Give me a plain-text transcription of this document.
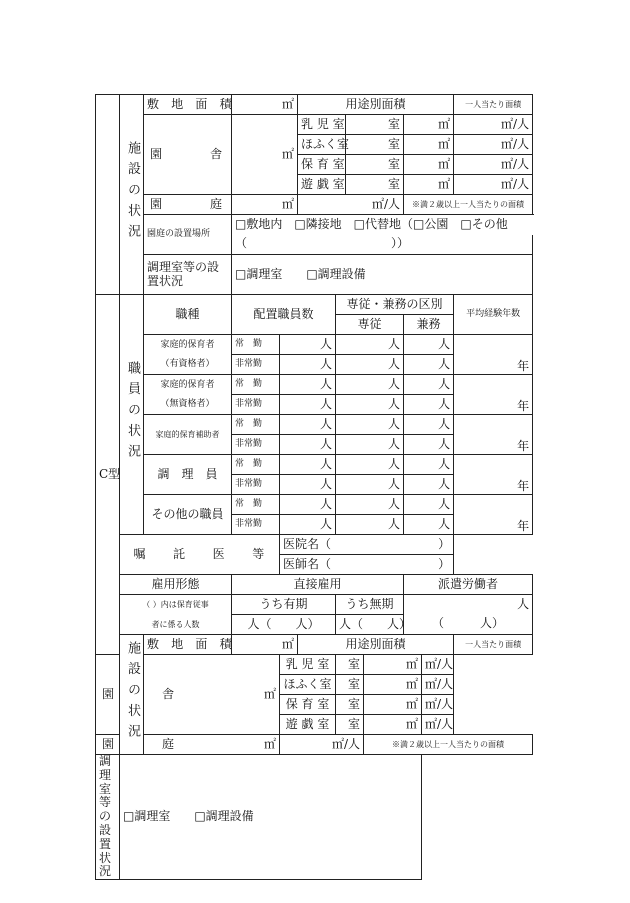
	施設の状況	敷 地 面 積	㎡		用途別面積						一人当たり面積
		園　　　　舎	㎡		乳 児 室		室		㎡		㎡/人
					ほふく室		室		㎡		㎡/人
					保 育 室		室		㎡		㎡/人
					遊 戯 室		室		㎡		㎡/人
		園　　　　庭	㎡		㎡/人				※満２歳以上一人当たりの面積		
		園庭の設置場所	□敷地内　□隣接地　□代替地（□公園　□その他								
			（　　　　　　　　　　　　））								
		調理室等の設置状況	□調理室　　□調理設備								

C型	職員の状況	職種	配置職員数			専従・兼務の区別					平均経験年数
						専従			兼務		
		家庭的保育者	常　勤	人		人			人		年
		（有資格者）	非常勤	人		人			人		
		家庭的保育者	常　勤	人		人			人		年
		（無資格者）	非常勤	人		人			人		
		家庭的保育補助者	常　勤	人		人			人		年
			非常勤	人		人			人		
		調　理　員	常　勤	人		人			人		年
			非常勤	人		人			人		
		その他の職員	常　勤	人		人			人		年
			非常勤	人		人			人		
	嘱　　託　　医　　等			医院名（						）	
				医師名（						）	
	雇用形態		直接雇用						派遣労働者		
	（ ）内は保育従事		うち有期			うち無期			人		
	者に係る人数		人（　　人）			人（　　人）			（　　　人）		
	施設の状況	敷 地 面 積	㎡		用途別面積						一人当たり面積
園　　　　舎		㎡		乳 児 室		室		㎡		㎡/人	
				ほふく室		室		㎡		㎡/人	
				保 育 室		室		㎡		㎡/人	
				遊 戯 室		室		㎡		㎡/人	
園　　　　庭		㎡		㎡/人				※満２歳以上一人当たりの面積			
調理室等の設置状況	□調理室　　□調理設備										
